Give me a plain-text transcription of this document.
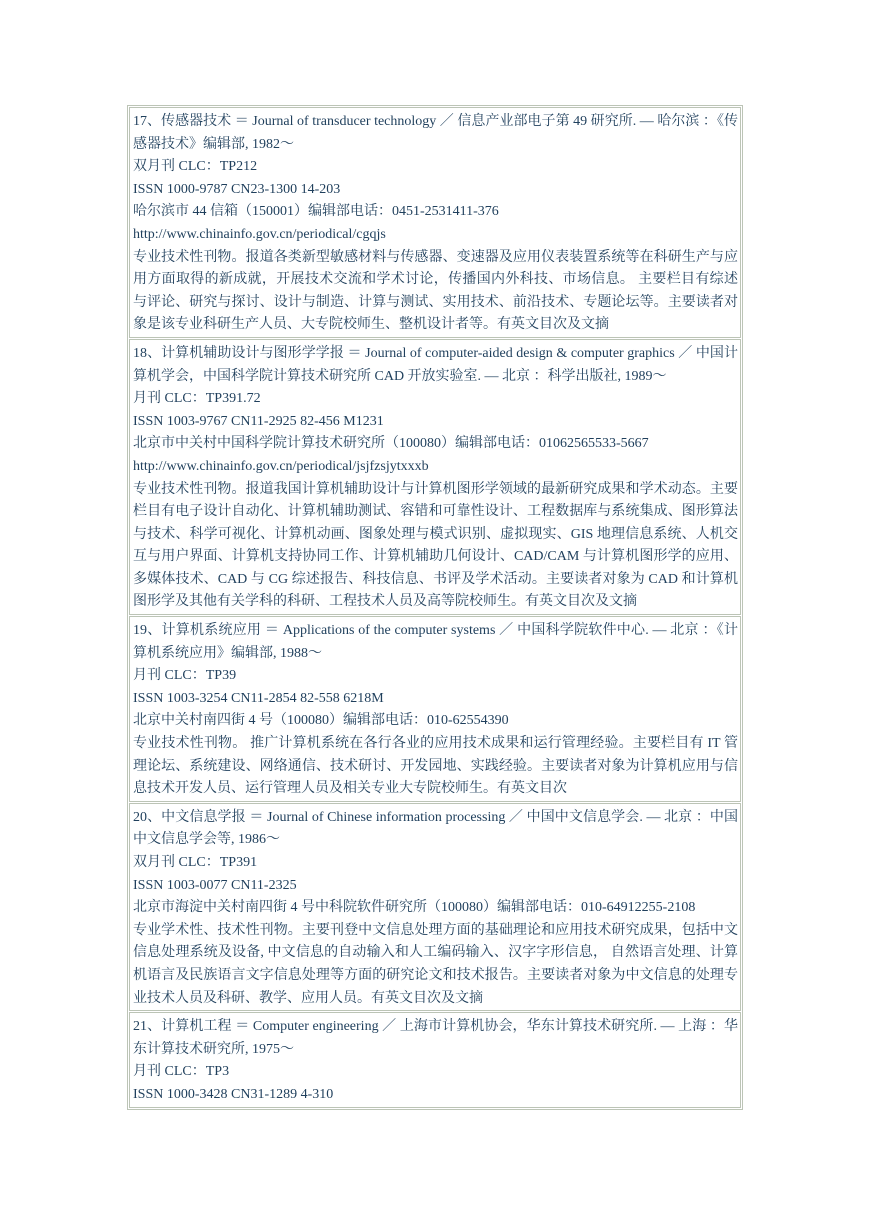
17、传感器技术 ＝ Journal of transducer technology ／ 信息产业部电子第 49 研究所. — 哈尔滨 ：《传感器技术》编辑部, 1982～
双月刊 CLC：TP212
ISSN 1000-9787 CN23-1300 14-203
哈尔滨市 44 信箱（150001）编辑部电话：0451-2531411-376
http://www.chinainfo.gov.cn/periodical/cgqjs
专业技术性刊物。报道各类新型敏感材料与传感器、变速器及应用仪表装置系统等在科研生产与应用方面取得的新成就，开展技术交流和学术讨论，传播国内外科技、市场信息。 主要栏目有综述与评论、研究与探讨、设计与制造、计算与测试、实用技术、前沿技术、专题论坛等。主要读者对象是该专业科研生产人员、大专院校师生、整机设计者等。有英文目次及文摘
18、计算机辅助设计与图形学学报 ＝ Journal of computer-aided design & computer graphics ／ 中国计算机学会，中国科学院计算技术研究所 CAD 开放实验室. — 北京 ：科学出版社, 1989～
月刊 CLC：TP391.72
ISSN 1003-9767 CN11-2925 82-456 M1231
北京市中关村中国科学院计算技术研究所（100080）编辑部电话：01062565533-5667
http://www.chinainfo.gov.cn/periodical/jsjfzsjytxxxb
专业技术性刊物。报道我国计算机辅助设计与计算机图形学领域的最新研究成果和学术动态。主要栏目有电子设计自动化、计算机辅助测试、容错和可靠性设计、工程数据库与系统集成、图形算法与技术、科学可视化、计算机动画、图象处理与模式识别、虚拟现实、GIS 地理信息系统、人机交互与用户界面、计算机支持协同工作、计算机辅助几何设计、CAD/CAM 与计算机图形学的应用、多媒体技术、CAD 与 CG 综述报告、科技信息、书评及学术活动。主要读者对象为 CAD 和计算机图形学及其他有关学科的科研、工程技术人员及高等院校师生。有英文目次及文摘
19、计算机系统应用 ＝ Applications of the computer systems ／ 中国科学院软件中心. — 北京 ：《计算机系统应用》编辑部, 1988～
月刊 CLC：TP39
ISSN 1003-3254 CN11-2854 82-558 6218M
北京中关村南四街 4 号（100080）编辑部电话：010-62554390
专业技术性刊物。 推广计算机系统在各行各业的应用技术成果和运行管理经验。主要栏目有 IT 管理论坛、系统建设、网络通信、技术研讨、开发园地、实践经验。主要读者对象为计算机应用与信息技术开发人员、运行管理人员及相关专业大专院校师生。有英文目次
20、中文信息学报 ＝ Journal of Chinese information processing ／ 中国中文信息学会. — 北京 ：中国中文信息学会等, 1986～
双月刊 CLC：TP391
ISSN 1003-0077 CN11-2325
北京市海淀中关村南四街 4 号中科院软件研究所（100080）编辑部电话：010-64912255-2108
专业学术性、技术性刊物。主要刊登中文信息处理方面的基础理论和应用技术研究成果，包括中文信息处理系统及设备, 中文信息的自动输入和人工编码输入、汉字字形信息， 自然语言处理、计算机语言及民族语言文字信息处理等方面的研究论文和技术报告。主要读者对象为中文信息的处理专业技术人员及科研、教学、应用人员。有英文目次及文摘
21、计算机工程 ＝ Computer engineering ／ 上海市计算机协会，华东计算技术研究所. — 上海 ：华东计算技术研究所, 1975～
月刊 CLC：TP3
ISSN 1000-3428 CN31-1289 4-310
